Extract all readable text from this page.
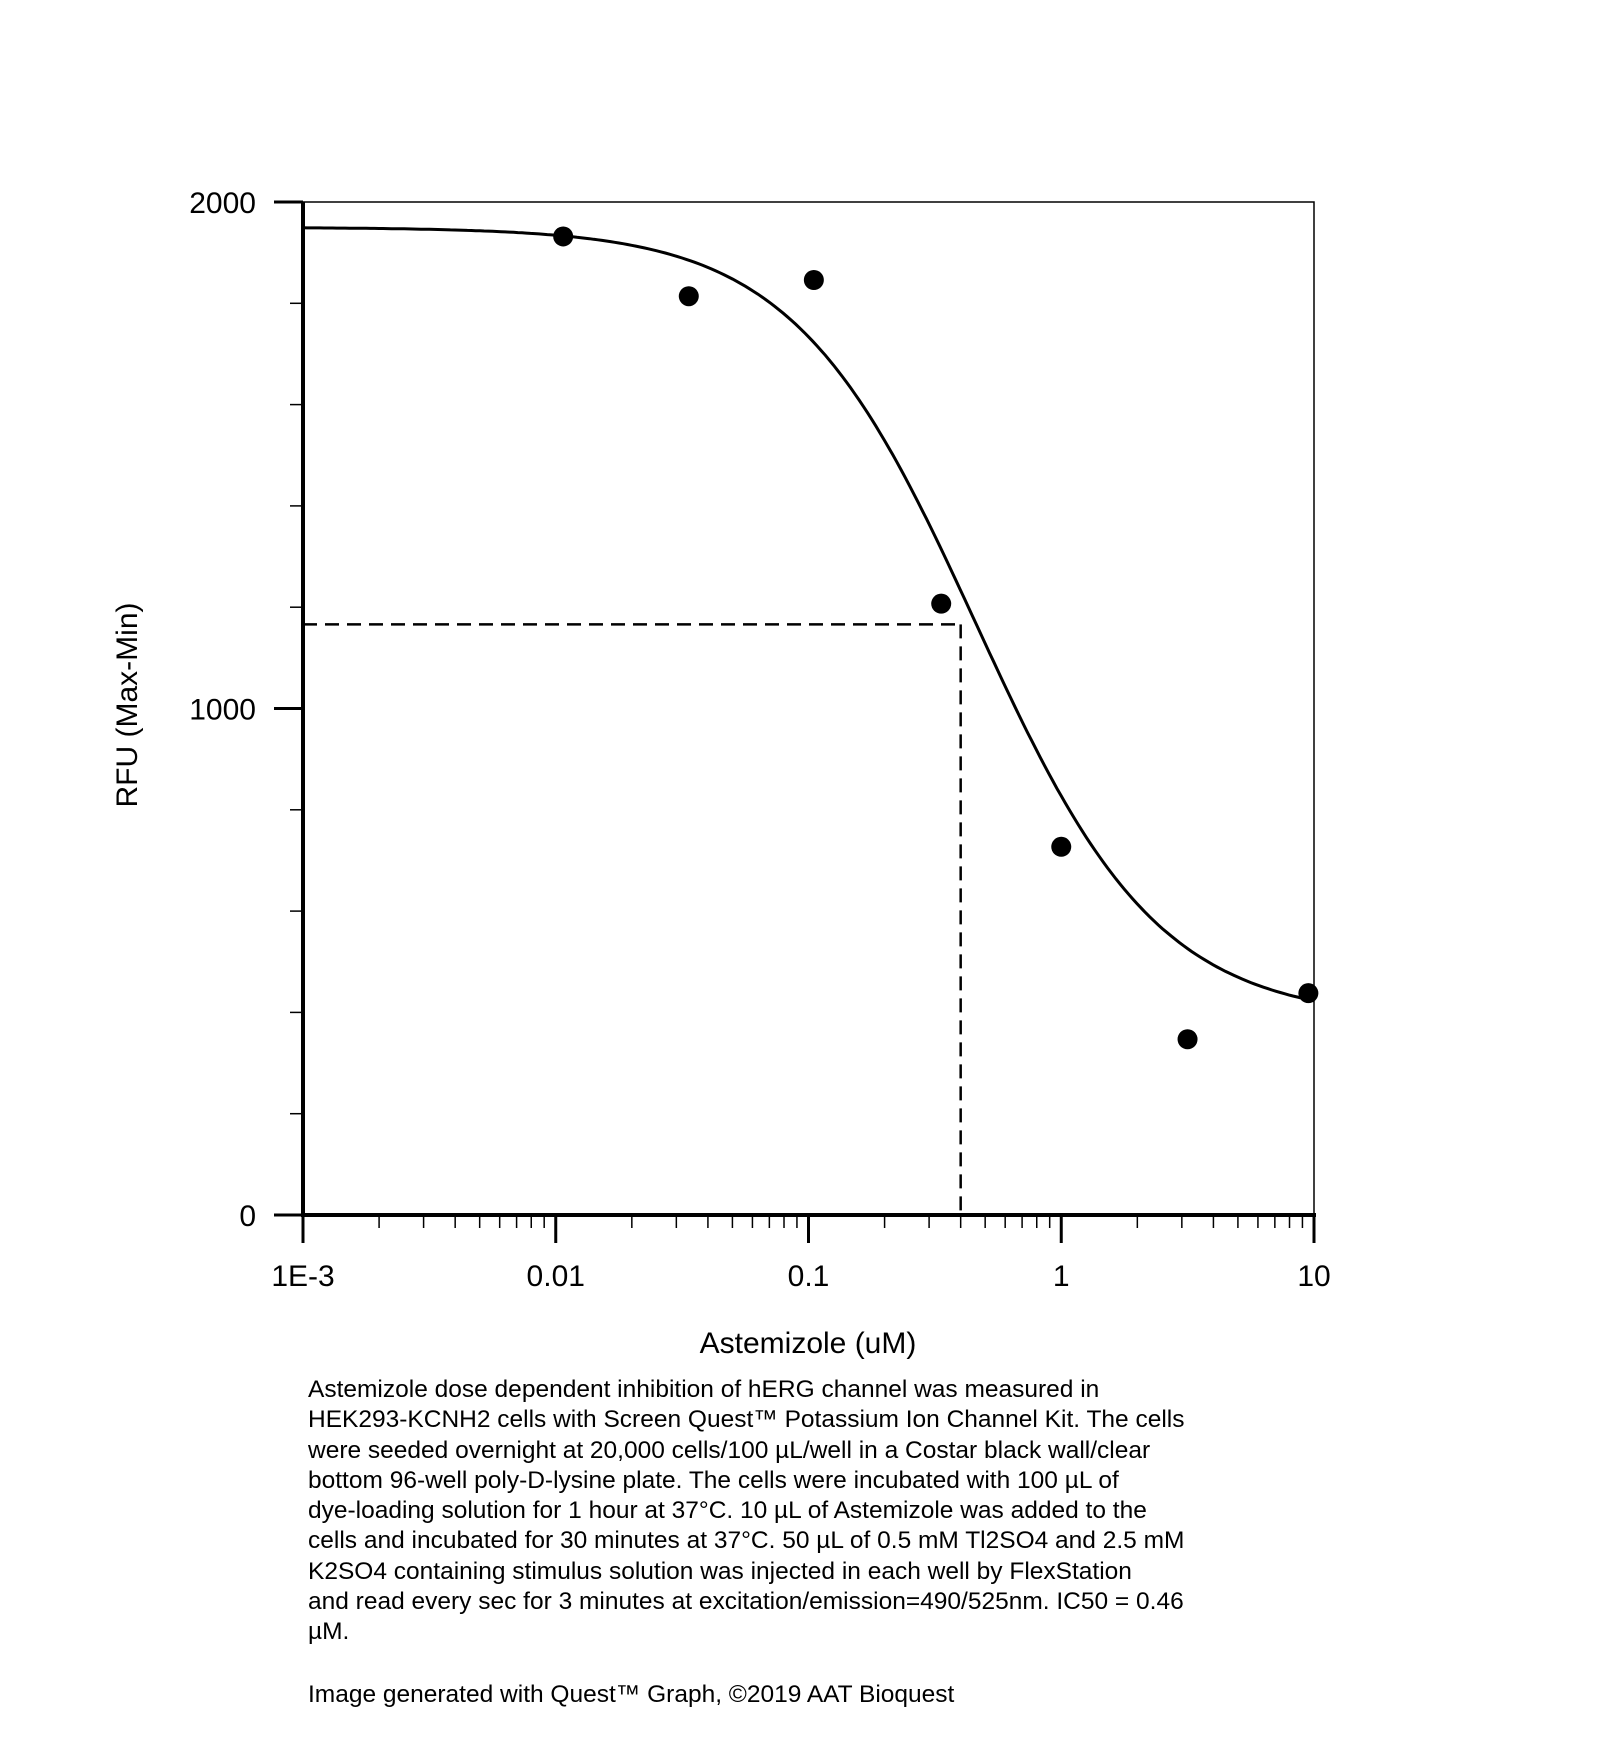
1E-3	0.01	0.1	1	10
0
1000
2000
Astemizole (uM)
RFU (Max-Min)
Astemizole dose dependent inhibition of hERG channel was measured in
HEK293-KCNH2 cells with Screen Quest™ Potassium Ion Channel Kit. The cells
were seeded overnight at 20,000 cells/100 µL/well in a Costar black wall/clear
bottom 96-well poly-D-lysine plate. The cells were incubated with 100 µL of
dye-loading solution for 1 hour at 37°C. 10 µL of Astemizole was added to the
cells and incubated for 30 minutes at 37°C. 50 µL of 0.5 mM Tl2SO4 and 2.5 mM
K2SO4 containing stimulus solution was injected in each well by FlexStation
and read every sec for 3 minutes at excitation/emission=490/525nm. IC50 = 0.46
µM.
Image generated with Quest™ Graph, ©2019 AAT Bioquest
